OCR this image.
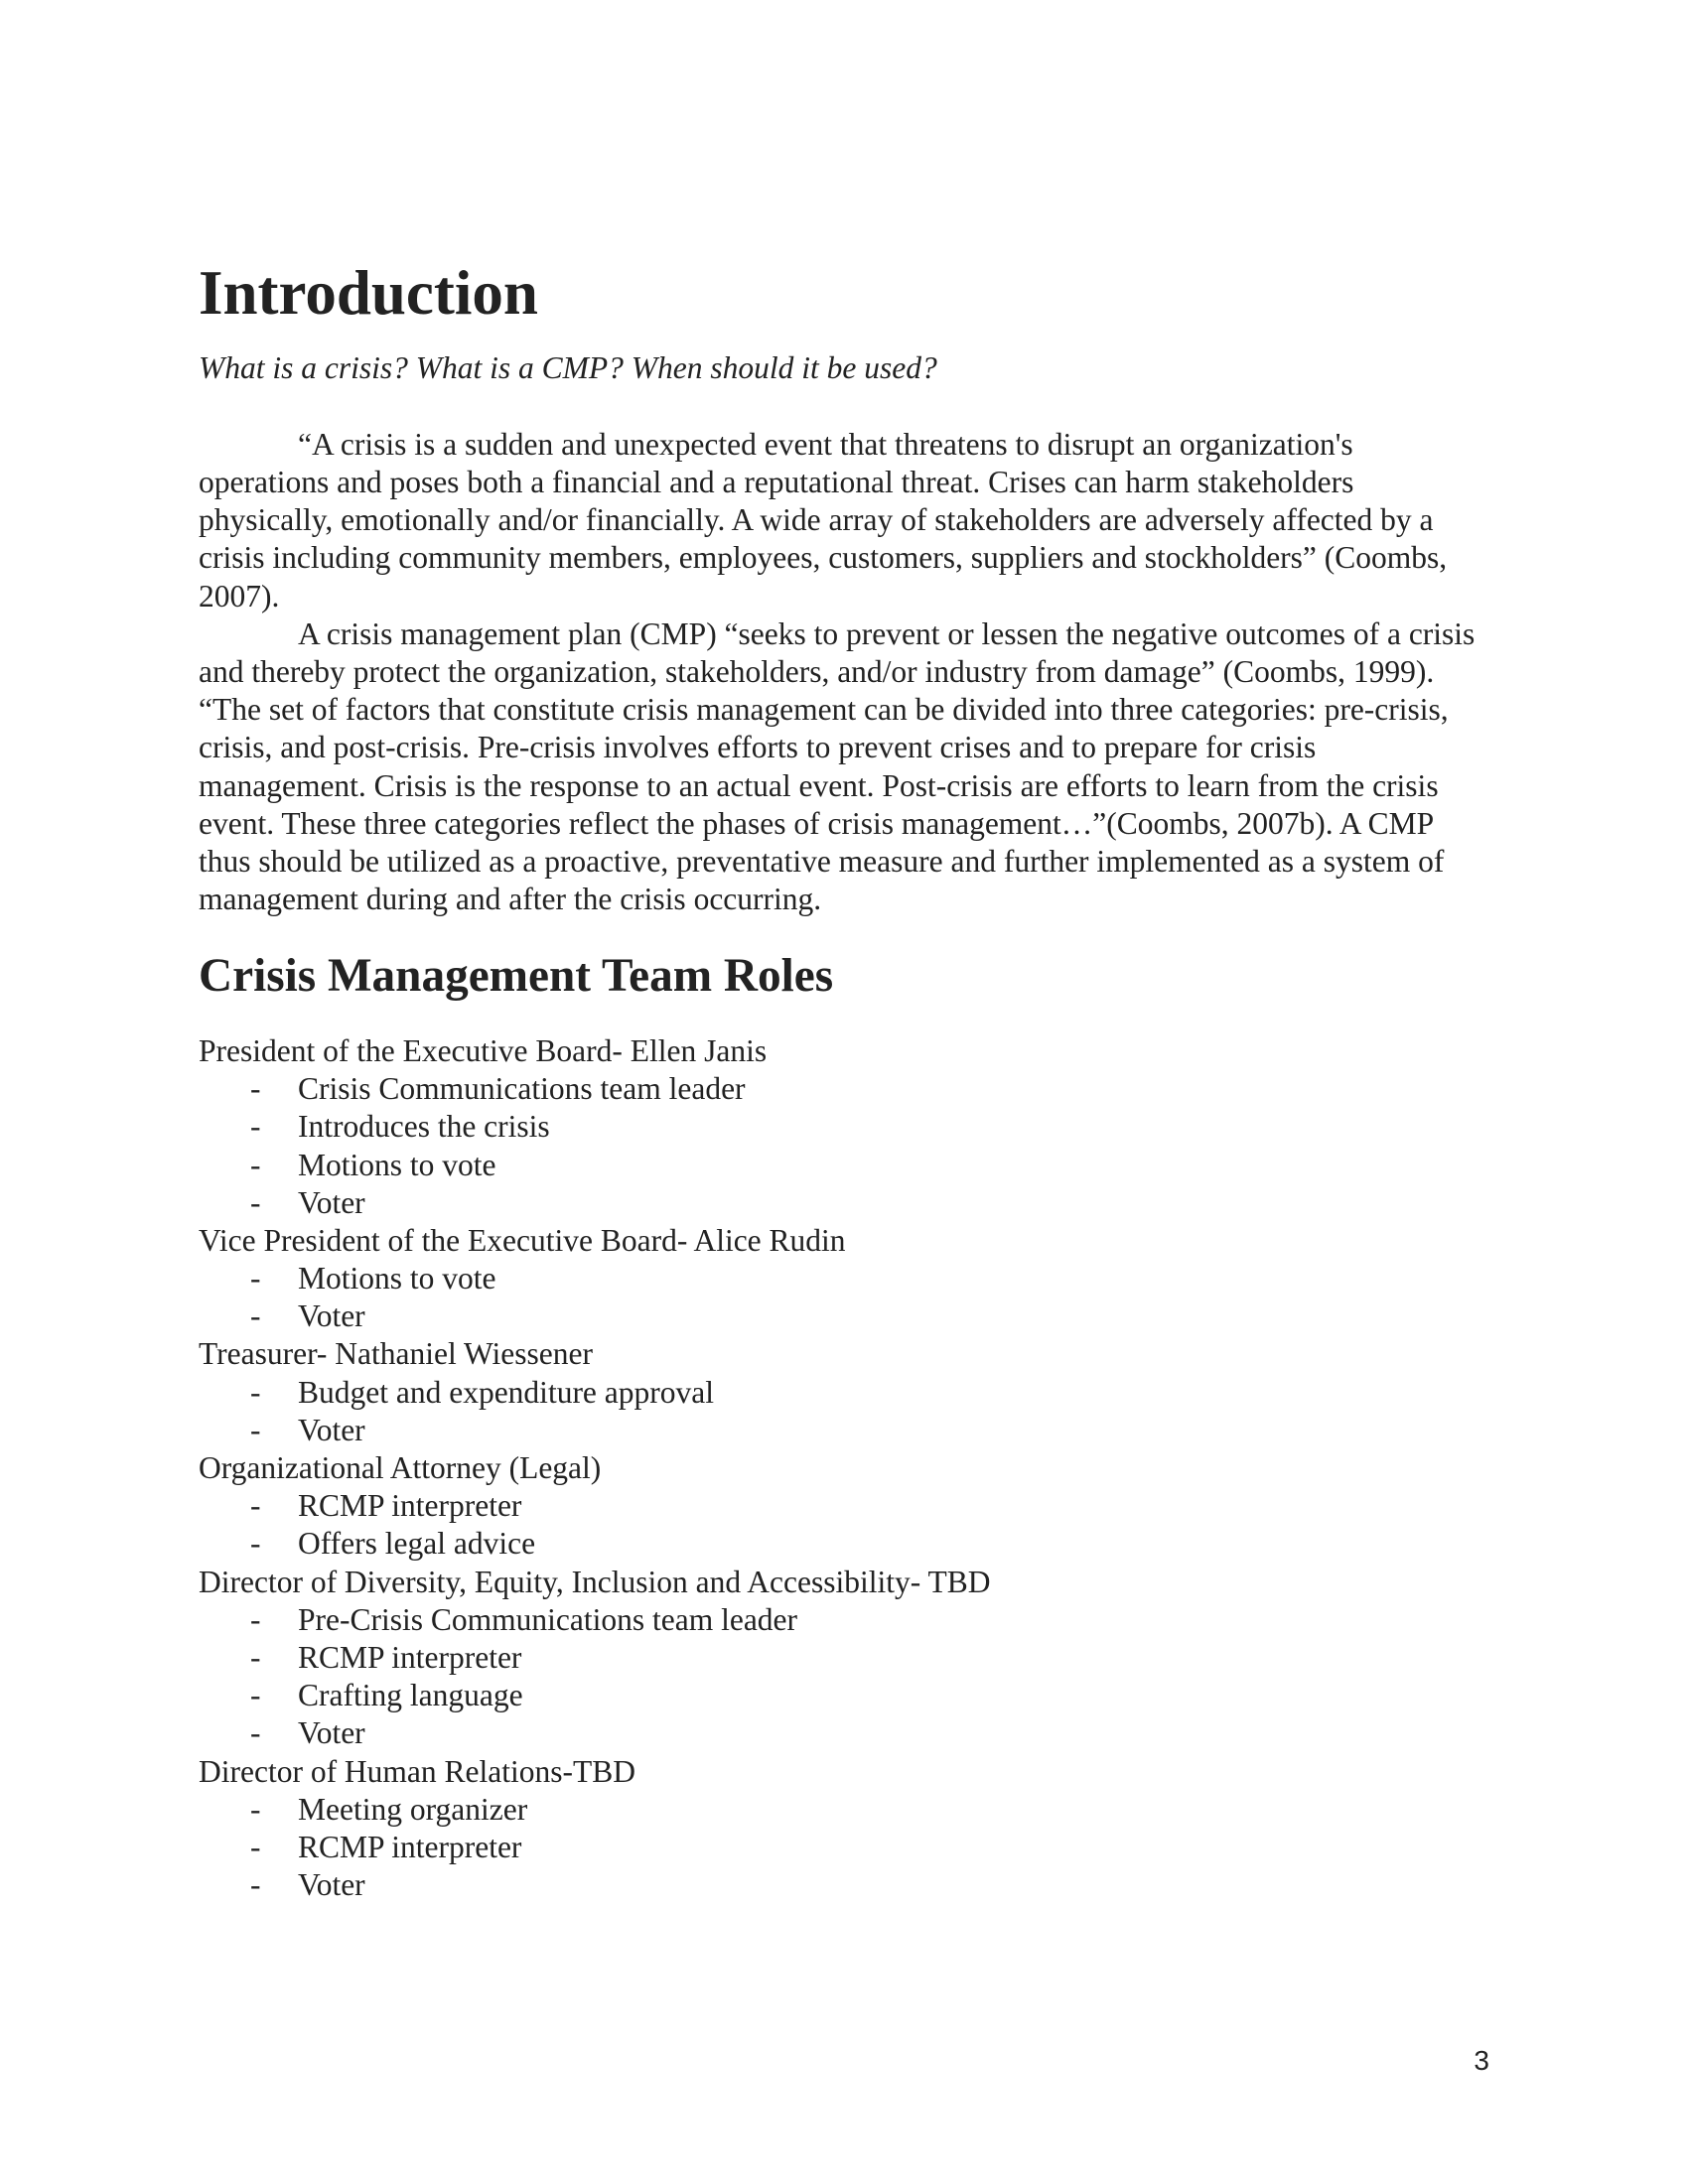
Introduction

What is a crisis? What is a CMP? When should it be used?

“A crisis is a sudden and unexpected event that threatens to disrupt an organization's operations and poses both a financial and a reputational threat. Crises can harm stakeholders physically, emotionally and/or financially. A wide array of stakeholders are adversely affected by a crisis including community members, employees, customers, suppliers and stockholders” (Coombs, 2007).

A crisis management plan (CMP) “seeks to prevent or lessen the negative outcomes of a crisis and thereby protect the organization, stakeholders, and/or industry from damage” (Coombs, 1999). “The set of factors that constitute crisis management can be divided into three categories: pre-crisis, crisis, and post-crisis. Pre-crisis involves efforts to prevent crises and to prepare for crisis management. Crisis is the response to an actual event. Post-crisis are efforts to learn from the crisis event. These three categories reflect the phases of crisis management…”(Coombs, 2007b). A CMP thus should be utilized as a proactive, preventative measure and further implemented as a system of management during and after the crisis occurring.

Crisis Management Team Roles

President of the Executive Board- Ellen Janis

- Crisis Communications team leader
- Introduces the crisis
- Motions to vote
- Voter

Vice President of the Executive Board- Alice Rudin

- Motions to vote
- Voter

Treasurer- Nathaniel Wiessener

- Budget and expenditure approval
- Voter

Organizational Attorney (Legal)

- RCMP interpreter
- Offers legal advice

Director of Diversity, Equity, Inclusion and Accessibility- TBD

- Pre-Crisis Communications team leader
- RCMP interpreter
- Crafting language
- Voter

Director of Human Relations-TBD

- Meeting organizer
- RCMP interpreter
- Voter
3
